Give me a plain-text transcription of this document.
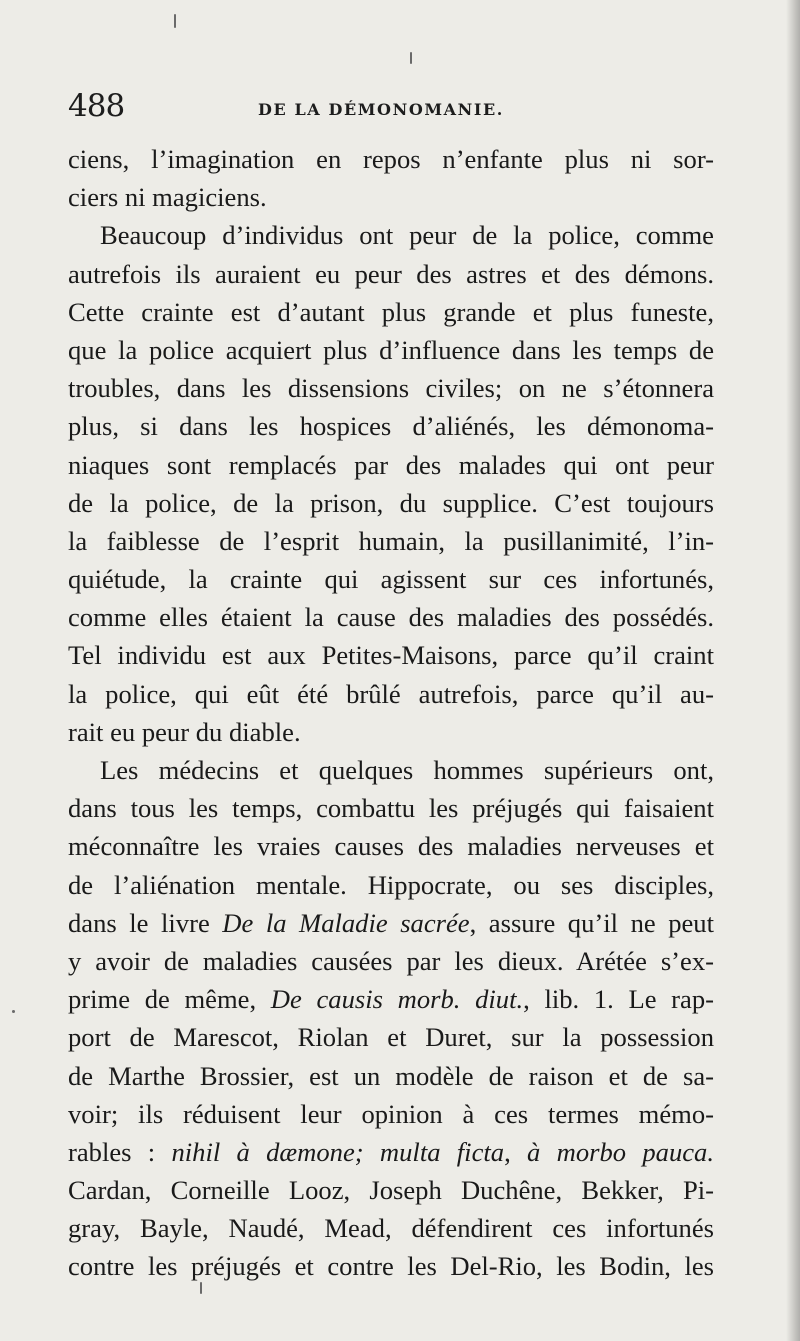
488	DE LA DÉMONOMANIE.
ciens, l’imagination en repos n’enfante plus ni sor-
ciers ni magiciens.
Beaucoup d’individus ont peur de la police, comme
autrefois ils auraient eu peur des astres et des démons.
Cette crainte est d’autant plus grande et plus funeste,
que la police acquiert plus d’influence dans les temps de
troubles, dans les dissensions civiles; on ne s’étonnera
plus, si dans les hospices d’aliénés, les démonoma-
niaques sont remplacés par des malades qui ont peur
de la police, de la prison, du supplice. C’est toujours
la faiblesse de l’esprit humain, la pusillanimité, l’in-
quiétude, la crainte qui agissent sur ces infortunés,
comme elles étaient la cause des maladies des possédés.
Tel individu est aux Petites-Maisons, parce qu’il craint
la police, qui eût été brûlé autrefois, parce qu’il au-
rait eu peur du diable.
Les médecins et quelques hommes supérieurs ont,
dans tous les temps, combattu les préjugés qui faisaient
méconnaître les vraies causes des maladies nerveuses et
de l’aliénation mentale. Hippocrate, ou ses disciples,
dans le livre De la Maladie sacrée, assure qu’il ne peut
y avoir de maladies causées par les dieux. Arétée s’ex-
prime de même, De causis morb. diut., lib. 1. Le rap-
port de Marescot, Riolan et Duret, sur la possession
de Marthe Brossier, est un modèle de raison et de sa-
voir; ils réduisent leur opinion à ces termes mémo-
rables : nihil à dæmone; multa ficta, à morbo pauca.
Cardan, Corneille Looz, Joseph Duchêne, Bekker, Pi-
gray, Bayle, Naudé, Mead, défendirent ces infortunés
contre les préjugés et contre les Del-Rio, les Bodin, les
